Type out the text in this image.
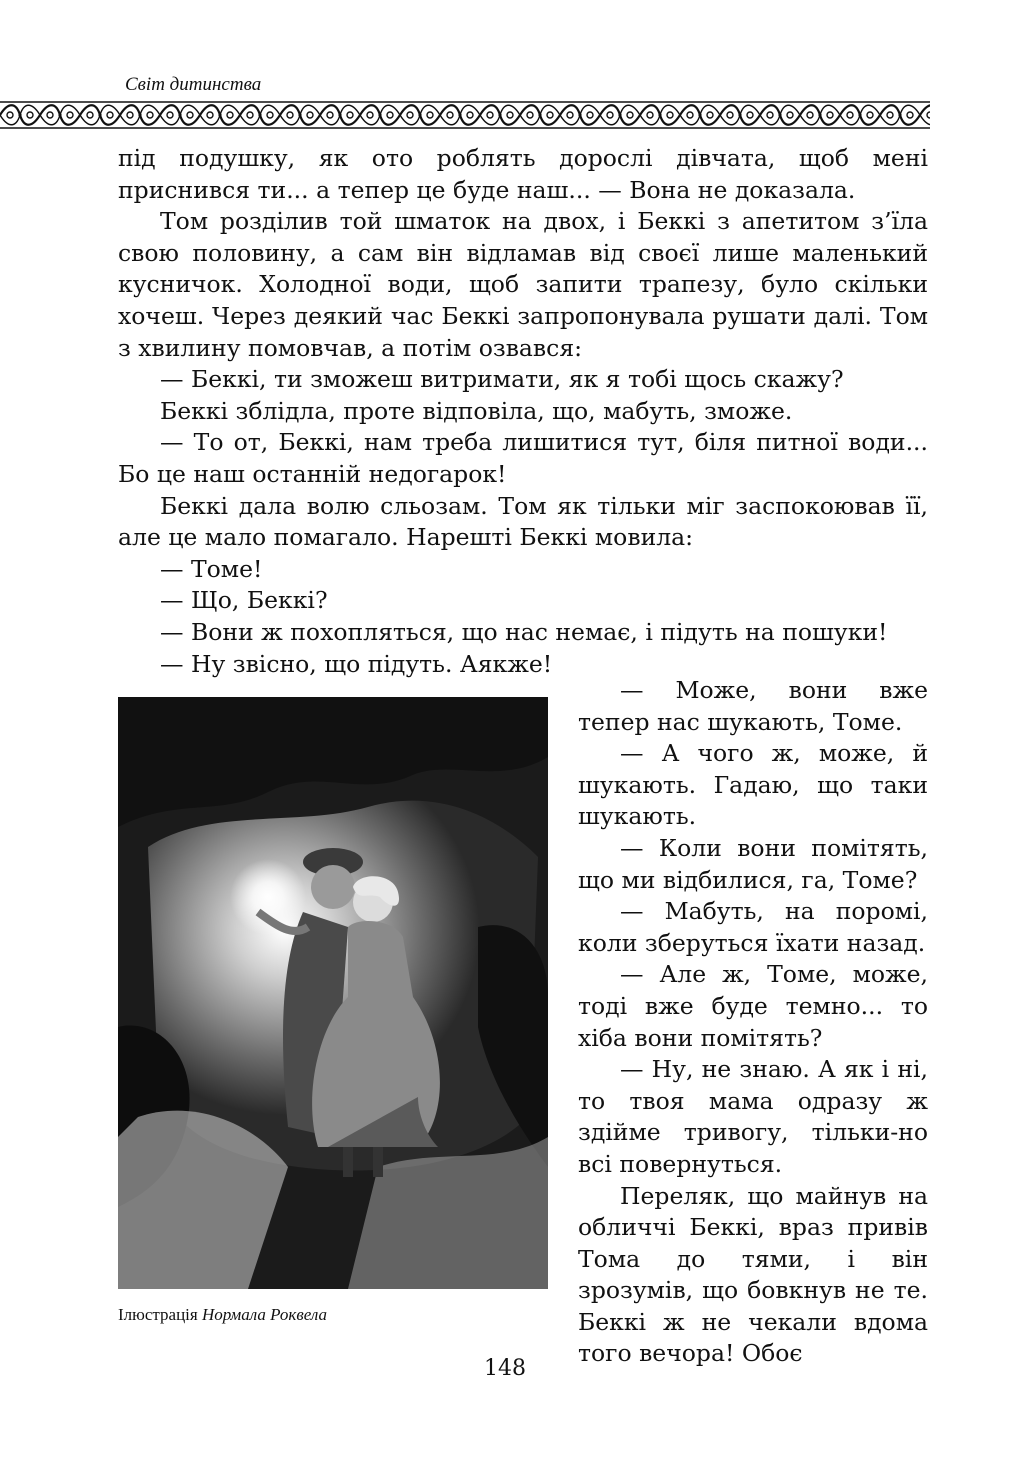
Світ дитинства

під подушку, як ото роблять дорослі дівчата, щоб мені приснився ти... а тепер це буде наш... — Вона не доказала.

Том розділив той шматок на двох, і Беккі з апетитом з’їла свою половину, а сам він відламав від своєї лише маленький кусничок. Холодної води, щоб запити трапезу, було скільки хочеш. Через деякий час Беккі запропонувала рушати далі. Том з хвилину помовчав, а потім озвався:

— Беккі, ти зможеш витримати, як я тобі щось скажу?

Беккі зблідла, проте відповіла, що, мабуть, зможе.

— То от, Беккі, нам треба лишитися тут, біля питної води... Бо це наш останній недогарок!

Беккі дала волю сльозам. Том як тільки міг заспокоював її, але це мало помагало. Нарешті Беккі мовила:

— Томе!

— Що, Беккі?

— Вони ж похопляться, що нас немає, і підуть на пошуки!

— Ну звісно, що підуть. Аякже!

Ілюстрація Нормала Роквела

— Може, вони вже тепер нас шукають, Томе.

— А чого ж, може, й шукають. Гадаю, що таки шукають.

— Коли вони помітять, що ми відбилися, га, Томе?

— Мабуть, на поромі, коли зберуться їхати назад.

— Але ж, Томе, може, тоді вже буде темно... то хіба вони помітять?

— Ну, не знаю. А як і ні, то твоя мама одразу ж здійме тривогу, тільки-но всі повернуться.

Переляк, що майнув на обличчі Беккі, враз привів Тома до тями, і він зрозумів, що бовкнув не те. Беккі ж не чекали вдома того вечора! Обоє

148
